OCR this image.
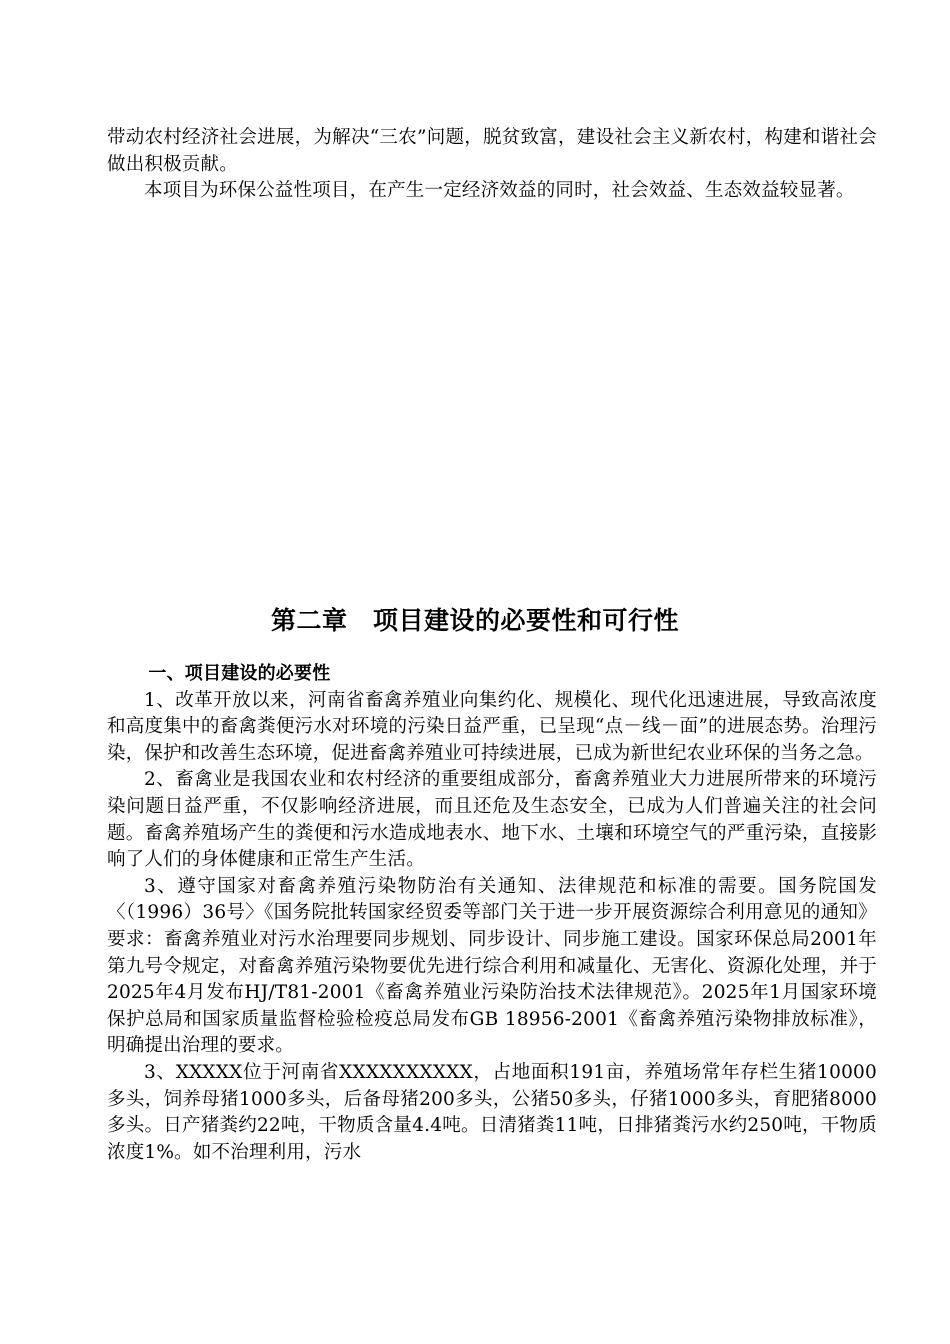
带动农村经济社会进展，为解决“三农”问题，脱贫致富，建设社会主义新农村，构建和谐社会做出积极贡献。

本项目为环保公益性项目，在产生一定经济效益的同时，社会效益、生态效益较显著。

第二章　项目建设的必要性和可行性

一、项目建设的必要性

1、改革开放以来，河南省畜禽养殖业向集约化、规模化、现代化迅速进展，导致高浓度和高度集中的畜禽粪便污水对环境的污染日益严重，已呈现“点－线－面”的进展态势。治理污染，保护和改善生态环境，促进畜禽养殖业可持续进展，已成为新世纪农业环保的当务之急。

2、畜禽业是我国农业和农村经济的重要组成部分，畜禽养殖业大力进展所带来的环境污染问题日益严重，不仅影响经济进展，而且还危及生态安全，已成为人们普遍关注的社会问题。畜禽养殖场产生的粪便和污水造成地表水、地下水、土壤和环境空气的严重污染，直接影响了人们的身体健康和正常生产生活。

3、遵守国家对畜禽养殖污染物防治有关通知、法律规范和标准的需要。国务院国发〈（1996）36号〉《国务院批转国家经贸委等部门关于进一步开展资源综合利用意见的通知》要求：畜禽养殖业对污水治理要同步规划、同步设计、同步施工建设。国家环保总局2001年第九号令规定，对畜禽养殖污染物要优先进行综合利用和减量化、无害化、资源化处理，并于2025年4月发布HJ/T81-2001《畜禽养殖业污染防治技术法律规范》。2025年1月国家环境保护总局和国家质量监督检验检疫总局发布GB 18956-2001《畜禽养殖污染物排放标准》，明确提出治理的要求。

3、XXXXX位于河南省XXXXXXXXXX，占地面积191亩，养殖场常年存栏生猪10000多头，饲养母猪1000多头，后备母猪200多头，公猪50多头，仔猪1000多头，育肥猪8000多头。日产猪粪约22吨，干物质含量4.4吨。日清猪粪11吨，日排猪粪污水约250吨，干物质浓度1%。如不治理利用，污水
